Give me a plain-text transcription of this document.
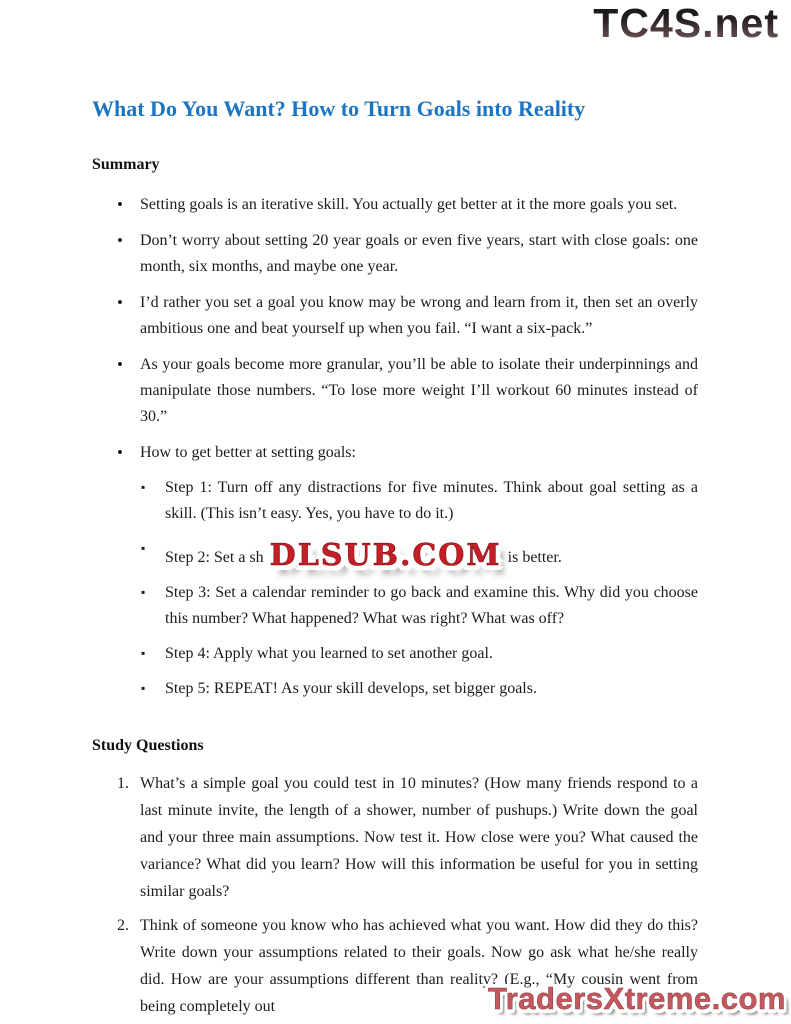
TC4S.net
What Do You Want? How to Turn Goals into Reality
Summary
• Setting goals is an iterative skill. You actually get better at it the more goals you set.
• Don’t worry about setting 20 year goals or even five years, start with close goals: one month, six months, and maybe one year.
• I’d rather you set a goal you know may be wrong and learn from it, then set an overly ambitious one and beat yourself up when you fail. “I want a six-pack.”
• As your goals become more granular, you’ll be able to isolate their underpinnings and manipulate those numbers. “To lose more weight I’ll workout 60 minutes instead of 30.”
• How to get better at setting goals:
▪ Step 1: Turn off any distractions for five minutes. Think about goal setting as a skill. (This isn’t easy. Yes, you have to do it.)
▪ Step 2: Set a sh DLSUB.COM is better.
▪ Step 3: Set a calendar reminder to go back and examine this. Why did you choose this number? What happened? What was right? What was off?
▪ Step 4: Apply what you learned to set another goal.
▪ Step 5: REPEAT! As your skill develops, set bigger goals.
Study Questions
What’s a simple goal you could test in 10 minutes? (How many friends respond to a last minute invite, the length of a shower, number of pushups.) Write down the goal and your three main assumptions. Now test it. How close were you? What caused the variance? What did you learn? How will this information be useful for you in setting similar goals?
Think of someone you know who has achieved what you want. How did they do this? Write down your assumptions related to their goals. Now go ask what he/she really did. How are your assumptions different than reality? (E.g., “My cousin went from being completely out	TradersXtreme.com
